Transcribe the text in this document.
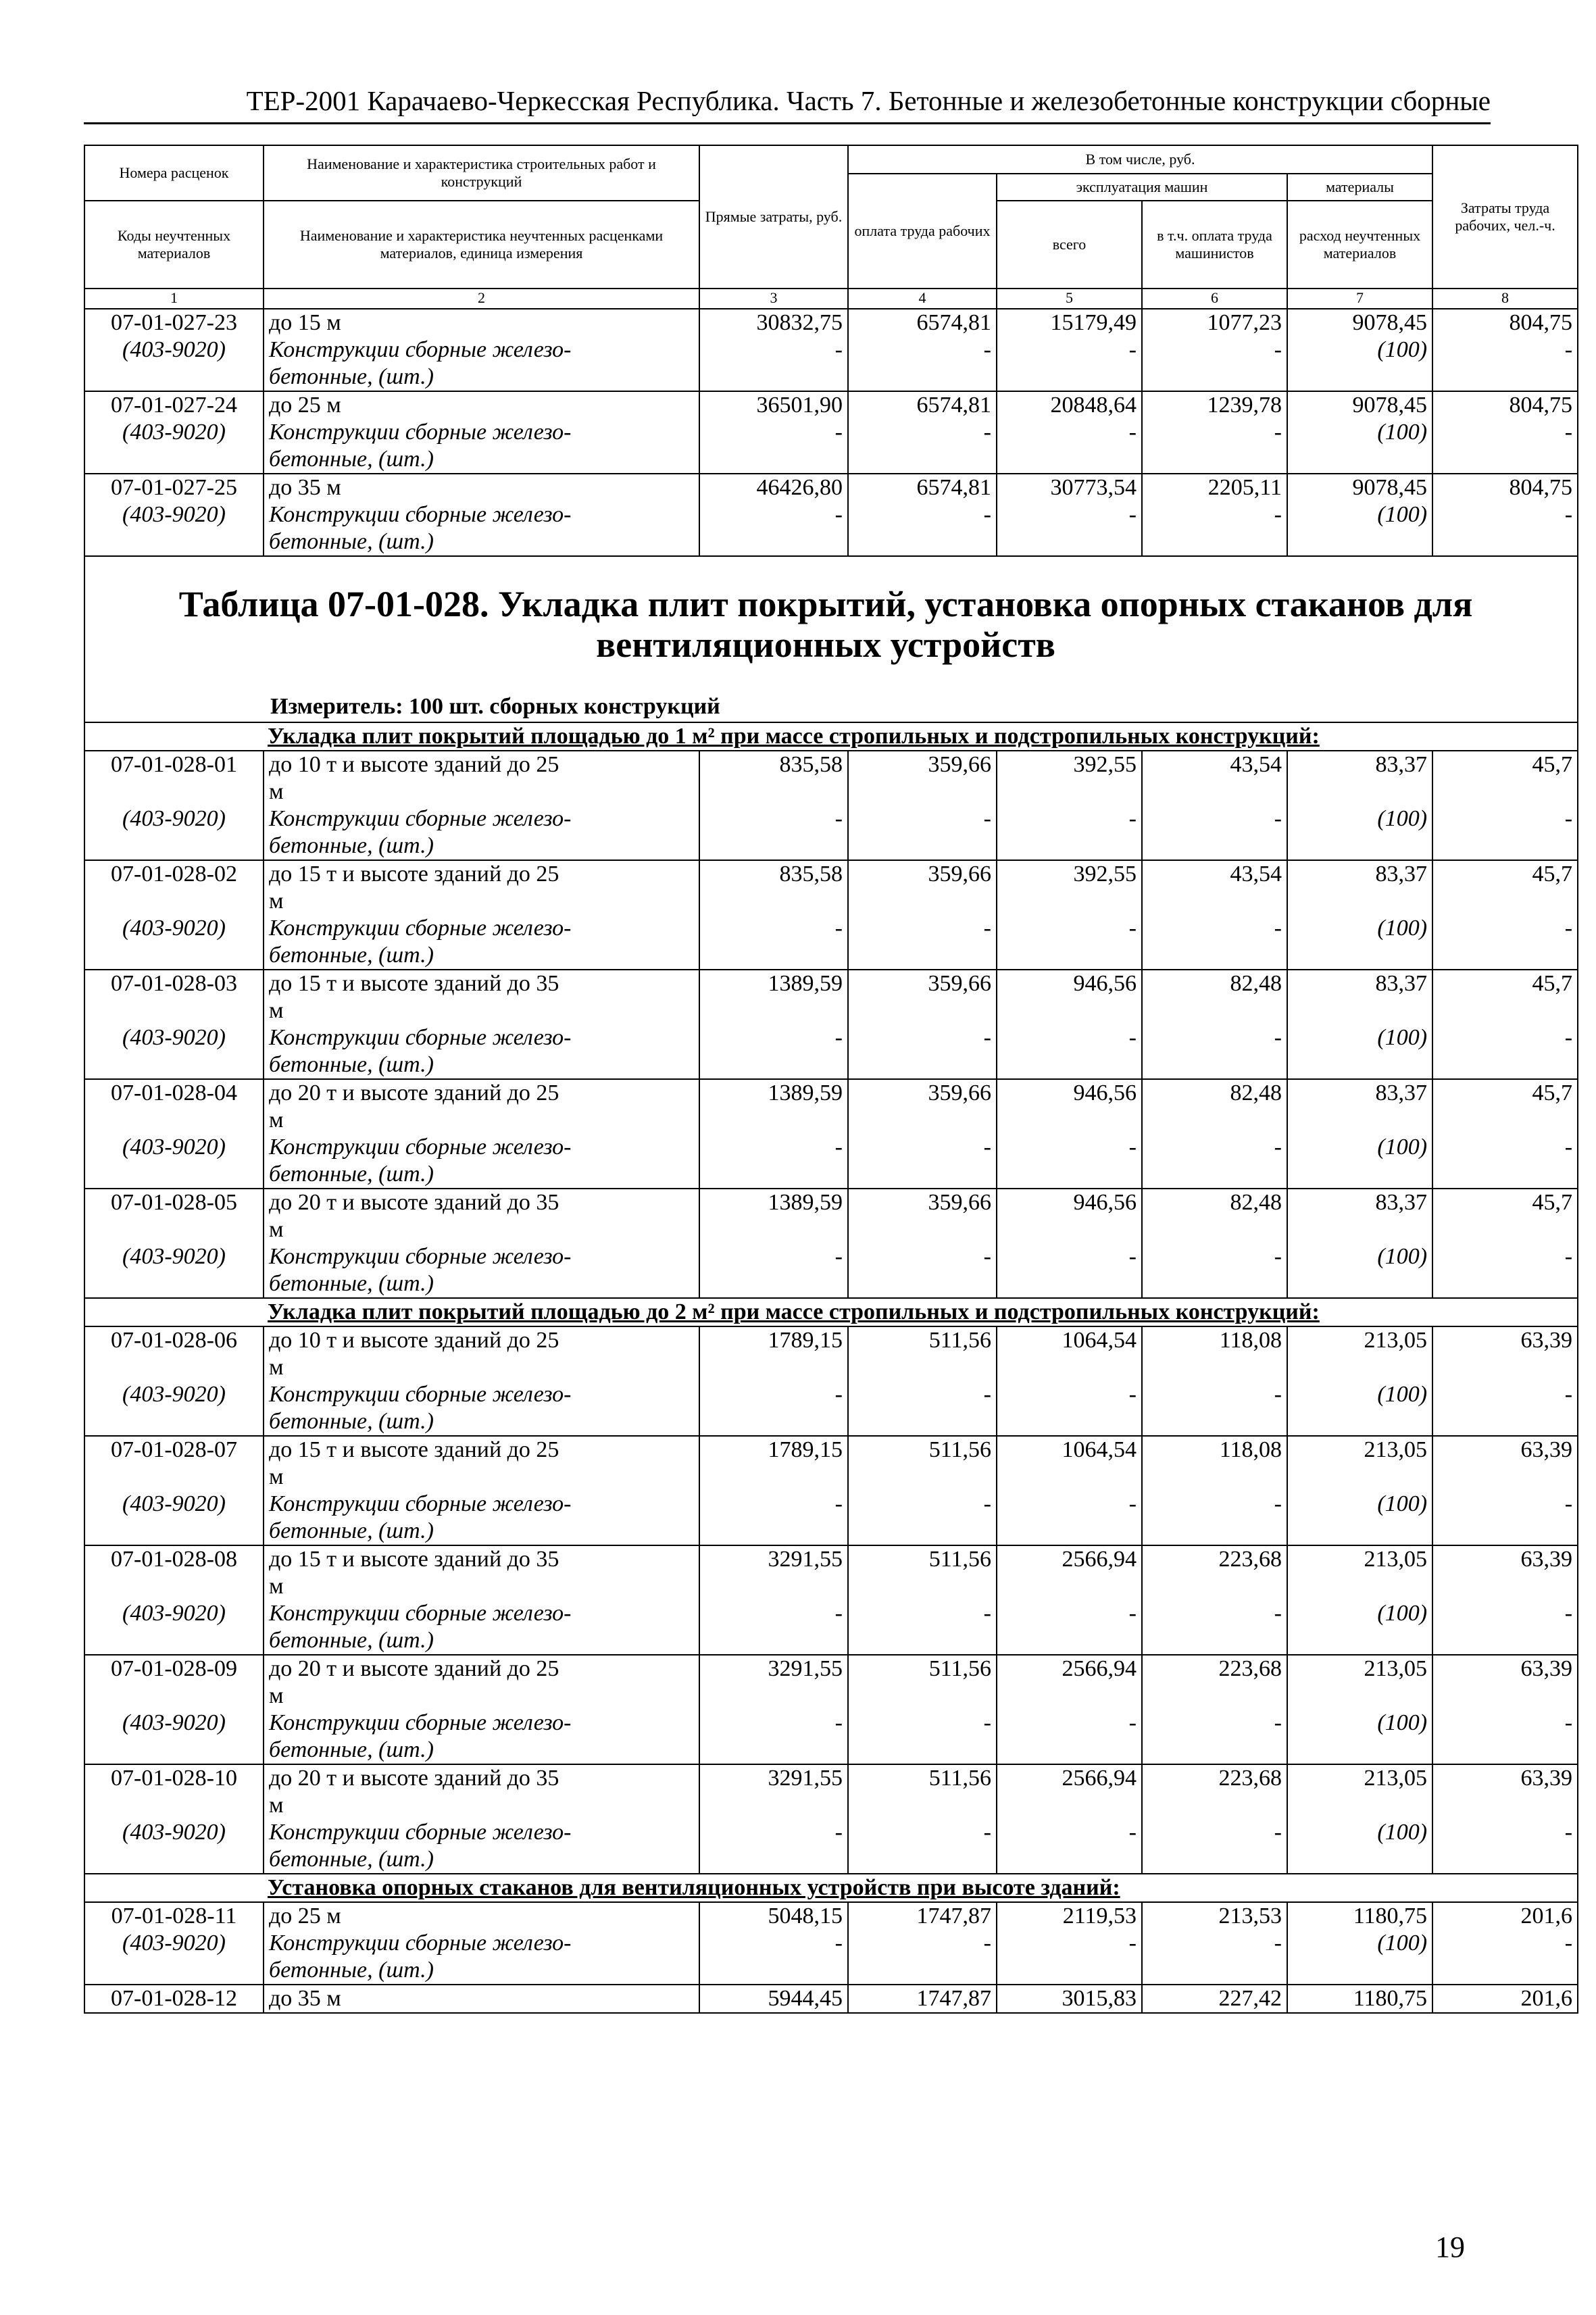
ТЕР-2001 Карачаево-Черкесская Республика. Часть 7. Бетонные и железобетонные конструкции сборные
Номера расценок	Наименование и характеристика строительных работ и конструкций	Прямые затраты, руб.	В том числе, руб.				Затраты труда рабочих, чел.-ч.
			оплата труда рабочих	эксплуатация машин		материалы	
Коды неучтенных материалов	Наименование и характеристика неучтенных расценками материалов, единица измерения			всего	в т.ч. оплата труда машинистов	расход неучтенных материалов	

1	2	3	4	5	6	7	8
07-01-027-23	до 15 м	30832,75	6574,81	15179,49	1077,23	9078,45	804,75
(403-9020)	Конструкции сборные железо-	-	-	-	-	(100)	-
	бетонные, (шт.)						
07-01-027-24	до 25 м	36501,90	6574,81	20848,64	1239,78	9078,45	804,75
(403-9020)	Конструкции сборные железо-	-	-	-	-	(100)	-
	бетонные, (шт.)						
07-01-027-25	до 35 м	46426,80	6574,81	30773,54	2205,11	9078,45	804,75
(403-9020)	Конструкции сборные железо-	-	-	-	-	(100)	-
	бетонные, (шт.)						

Таблица 07-01-028. Укладка плит покрытий, установка опорных стаканов для вентиляционных устройств
Измеритель: 100 шт. сборных конструкций							

Укладка плит покрытий площадью до 1 м² при массе стропильных и подстропильных конструкций:							
07-01-028-01	до 10 т и высоте зданий до 25	835,58	359,66	392,55	43,54	83,37	45,7
	м						
(403-9020)	Конструкции сборные железо-	-	-	-	-	(100)	-
	бетонные, (шт.)						
07-01-028-02	до 15 т и высоте зданий до 25	835,58	359,66	392,55	43,54	83,37	45,7
	м						
(403-9020)	Конструкции сборные железо-	-	-	-	-	(100)	-
	бетонные, (шт.)						
07-01-028-03	до 15 т и высоте зданий до 35	1389,59	359,66	946,56	82,48	83,37	45,7
	м						
(403-9020)	Конструкции сборные железо-	-	-	-	-	(100)	-
	бетонные, (шт.)						
07-01-028-04	до 20 т и высоте зданий до 25	1389,59	359,66	946,56	82,48	83,37	45,7
	м						
(403-9020)	Конструкции сборные железо-	-	-	-	-	(100)	-
	бетонные, (шт.)						
07-01-028-05	до 20 т и высоте зданий до 35	1389,59	359,66	946,56	82,48	83,37	45,7
	м						
(403-9020)	Конструкции сборные железо-	-	-	-	-	(100)	-
	бетонные, (шт.)						
Укладка плит покрытий площадью до 2 м² при массе стропильных и подстропильных конструкций:							
07-01-028-06	до 10 т и высоте зданий до 25	1789,15	511,56	1064,54	118,08	213,05	63,39
	м						
(403-9020)	Конструкции сборные железо-	-	-	-	-	(100)	-
	бетонные, (шт.)						
07-01-028-07	до 15 т и высоте зданий до 25	1789,15	511,56	1064,54	118,08	213,05	63,39
	м						
(403-9020)	Конструкции сборные железо-	-	-	-	-	(100)	-
	бетонные, (шт.)						
07-01-028-08	до 15 т и высоте зданий до 35	3291,55	511,56	2566,94	223,68	213,05	63,39
	м						
(403-9020)	Конструкции сборные железо-	-	-	-	-	(100)	-
	бетонные, (шт.)						
07-01-028-09	до 20 т и высоте зданий до 25	3291,55	511,56	2566,94	223,68	213,05	63,39
	м						
(403-9020)	Конструкции сборные железо-	-	-	-	-	(100)	-
	бетонные, (шт.)						
07-01-028-10	до 20 т и высоте зданий до 35	3291,55	511,56	2566,94	223,68	213,05	63,39
	м						
(403-9020)	Конструкции сборные железо-	-	-	-	-	(100)	-
	бетонные, (шт.)						
Установка опорных стаканов для вентиляционных устройств при высоте зданий:							
07-01-028-11	до 25 м	5048,15	1747,87	2119,53	213,53	1180,75	201,6
(403-9020)	Конструкции сборные железо-	-	-	-	-	(100)	-
	бетонные, (шт.)						
07-01-028-12	до 35 м	5944,45	1747,87	3015,83	227,42	1180,75	201,6
19
